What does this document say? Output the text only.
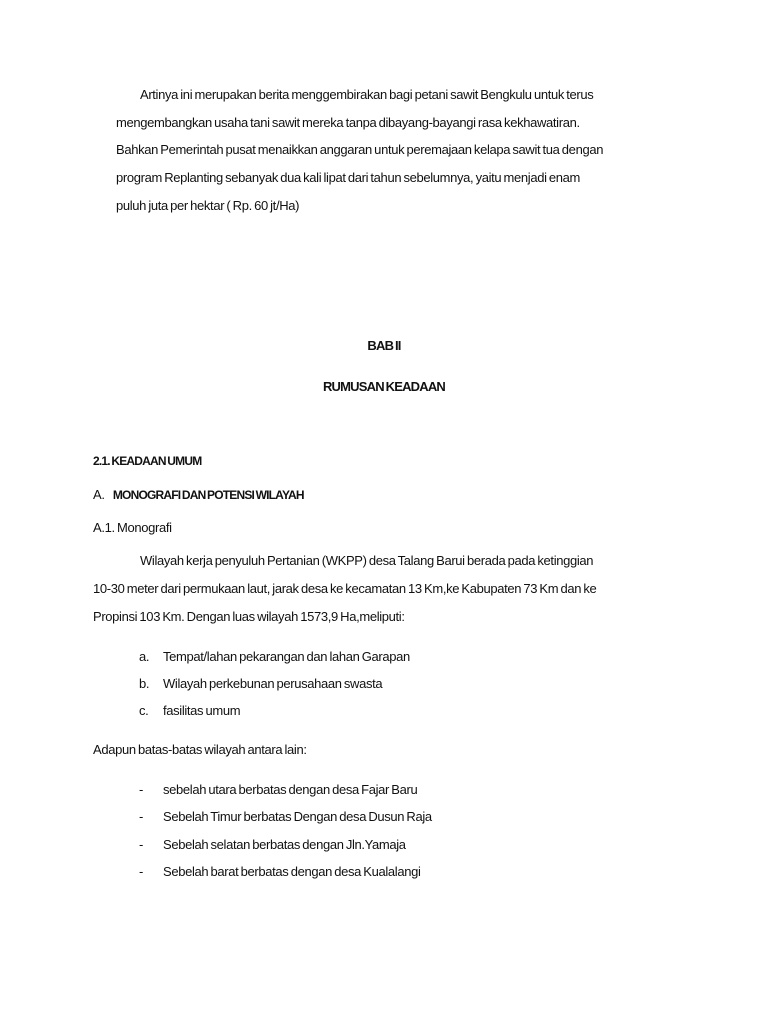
Artinya ini merupakan berita menggembirakan bagi petani sawit Bengkulu untuk terus

mengembangkan usaha tani sawit mereka tanpa dibayang-bayangi rasa kekhawatiran.

Bahkan Pemerintah pusat menaikkan anggaran untuk peremajaan kelapa sawit tua dengan

program Replanting sebanyak dua kali lipat dari tahun sebelumnya, yaitu menjadi enam

puluh juta per hektar ( Rp. 60 jt/Ha)

BAB II
RUMUSAN KEADAAN
2.1. KEADAAN UMUM
A. MONOGRAFI DAN POTENSI WILAYAH
A.1. Monografi
Wilayah kerja penyuluh Pertanian (WKPP) desa Talang Barui berada pada ketinggian
10-30 meter dari permukaan laut, jarak desa ke kecamatan 13 Km,ke Kabupaten 73 Km dan ke
Propinsi 103 Km. Dengan luas wilayah 1573,9 Ha,meliputi:
a. Tempat/lahan pekarangan dan lahan Garapan
b. Wilayah perkebunan perusahaan swasta
c. fasilitas umum
Adapun batas-batas wilayah antara lain:
- sebelah utara berbatas dengan desa Fajar Baru
- Sebelah Timur berbatas Dengan desa Dusun Raja
- Sebelah selatan berbatas dengan Jln.Yamaja
- Sebelah barat berbatas dengan desa Kualalangi
